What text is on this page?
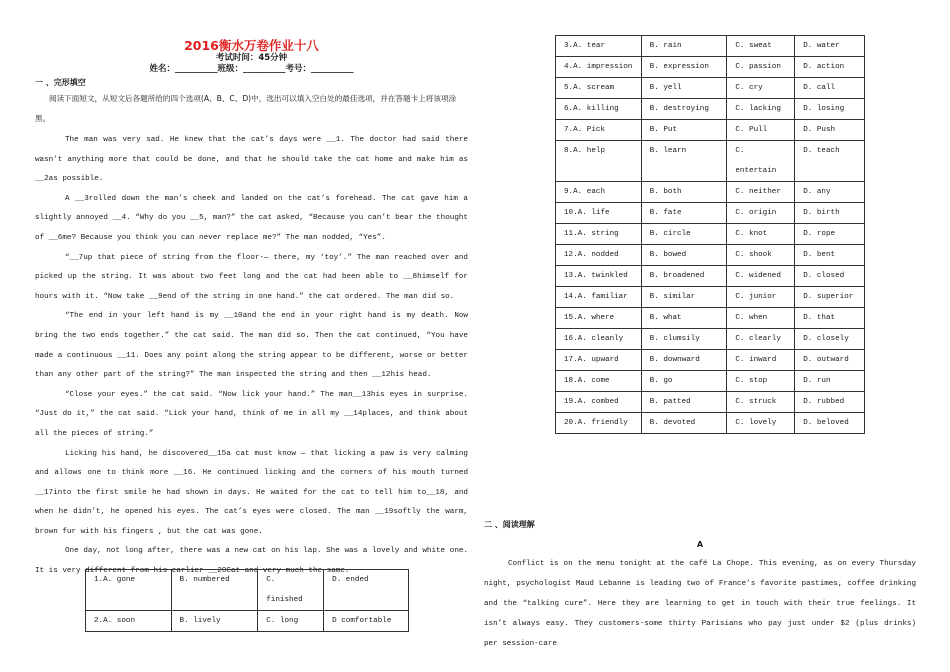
2016衡水万卷作业十八

考试时间：45分钟

姓名：__________班级：__________考号：__________

一 、完形填空

阅读下面短文，从短文后各题所给的四个选项(A、B、C、D)中，选出可以填入空白处的最佳选项，并在答题卡上将该项涂黑。

The man was very sad. He knew that the cat’s days were __1. The doctor had said there wasn’t anything more that could be done, and that he should take the cat home and make him as __2as possible.

A __3rolled down the man’s cheek and landed on the cat’s forehead. The cat gave him a slightly annoyed __4. “Why do you __5, man?” the cat asked, “Because you can’t bear the thought of __6me? Because you think you can never replace me?” The man nodded, “Yes”.

“__7up that piece of string from the floor-— there, my ‘toy’.” The man reached over and picked up the string. It was about two feet long and the cat had been able to __8himself for hours with it. “Now take __9end of the string in one hand.” the cat ordered. The man did so.

“The end in your left hand is my __10and the end in your right hand is my death. Now bring the two ends together.” the cat said. The man did so. Then the cat continued, “You have made a continuous __11. Does any point along the string appear to be different, worse or better than any other part of the string?” The man inspected the string and then __12his head.

“Close your eyes.” the cat said. “Now lick your hand.” The man__13his eyes in surprise. “Just do it,” the cat said. “Lick your hand, think of me in all my __14places, and think about all the pieces of string.”

Licking his hand, he discovered__15a cat must know — that licking a paw is very calming and allows one to think more __16. He continued licking and the corners of his mouth turned __17into the first smile he had shown in days. He waited for the cat to tell him to__18, and when he didn’t, he opened his eyes. The cat’s eyes were closed. The man __19softly the warm, brown fur with his fingers , but the cat was gone.

One day, not long after, there was a new cat on his lap. She was a lovely and white one. It is very different from his earlier __20Cat and very much the same.

1.A. gone	B. numbered	C. finished	D. ended
2.A. soon	B. lively	C. long	D comfortable
3.A. tear	B. rain	C. sweat	D. water
4.A. impression	B. expression	C. passion	D. action
5.A. scream	B. yell	C. cry	D. call
6.A. killing	B. destroying	C. lacking	D. losing
7.A. Pick	B. Put	C. Pull	D. Push
8.A. help	B. learn	C. entertain	D. teach
9.A. each	B. both	C. neither	D. any
10.A. life	B. fate	C. origin	D. birth
11.A. string	B. circle	C. knot	D. rope
12.A. nodded	B. bowed	C. shook	D. bent
13.A. twinkled	B. broadened	C. widened	D. closed
14.A. familiar	B. similar	C. junior	D. superior
15.A. where	B. what	C. when	D. that
16.A. cleanly	B. clumsily	C. clearly	D. closely
17.A. upward	B. downward	C. inward	D. outward
18.A. come	B. go	C. stop	D. run
19.A. combed	B. patted	C. struck	D. rubbed
20.A. friendly	B. devoted	C. lovely	D. beloved

二 、阅读理解

A

Conflict is on the menu tonight at the café La Chope. This evening, as on every Thursday night, psychologist Maud Lebanne is leading two of France’s favorite pastimes, coffee drinking and the “talking cure”. Here they are learning to get in touch with their true feelings. It isn’t always easy. They customers-some thirty Parisians who pay just under $2 (plus drinks) per session-care
